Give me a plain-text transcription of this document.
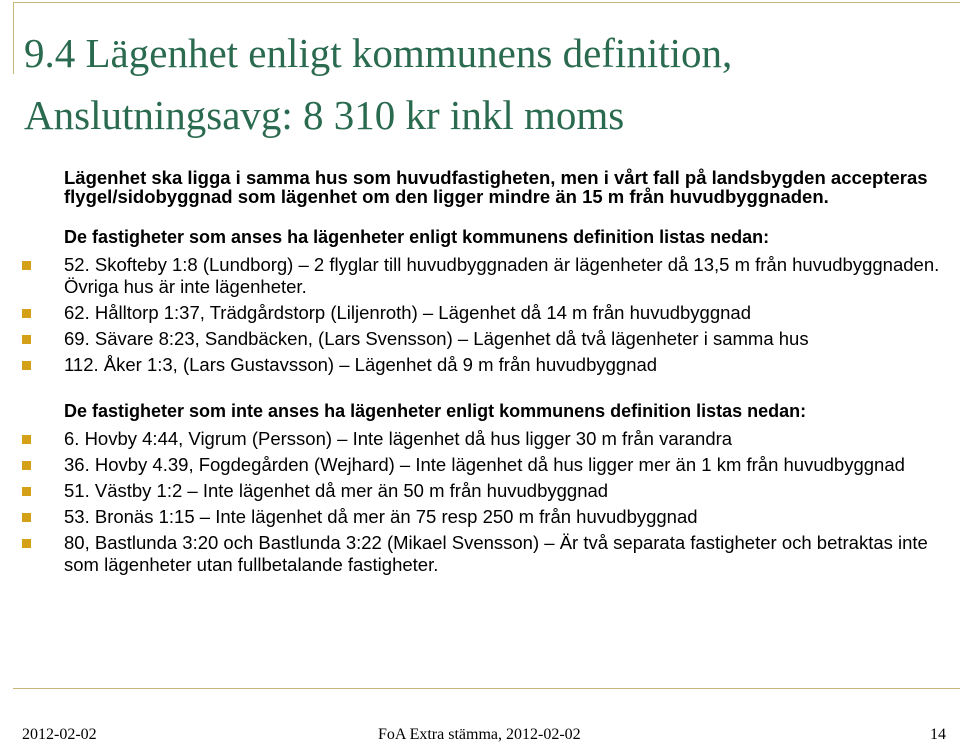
9.4 Lägenhet enligt kommunens definition,
Anslutningsavg: 8 310 kr inkl moms
Lägenhet ska ligga i samma hus som huvudfastigheten, men i vårt fall på landsbygden accepteras flygel/sidobyggnad som lägenhet om den ligger mindre än 15 m från huvudbyggnaden.
De fastigheter som anses ha lägenheter enligt kommunens definition listas nedan:
52. Skofteby 1:8 (Lundborg) – 2 flyglar till huvudbyggnaden är lägenheter då 13,5 m från huvudbyggnaden. Övriga hus är inte lägenheter.
62. Hålltorp 1:37, Trädgårdstorp (Liljenroth) – Lägenhet då 14 m från huvudbyggnad
69. Sävare 8:23, Sandbäcken, (Lars Svensson) – Lägenhet då två lägenheter i samma hus
112. Åker 1:3, (Lars Gustavsson) – Lägenhet då 9 m från huvudbyggnad
De fastigheter som inte anses ha lägenheter enligt kommunens definition listas nedan:
6. Hovby 4:44, Vigrum (Persson) – Inte lägenhet då hus ligger 30 m från varandra
36. Hovby 4.39, Fogdegården (Wejhard) – Inte lägenhet då hus ligger mer än 1 km från huvudbyggnad
51. Västby 1:2 – Inte lägenhet då mer än 50 m från huvudbyggnad
53. Bronäs 1:15 – Inte lägenhet då mer än 75 resp 250 m från huvudbyggnad
80, Bastlunda 3:20 och Bastlunda 3:22 (Mikael Svensson) – Är två separata fastigheter och betraktas inte som lägenheter utan fullbetalande fastigheter.
2012-02-02	FoA Extra stämma, 2012-02-02	14
